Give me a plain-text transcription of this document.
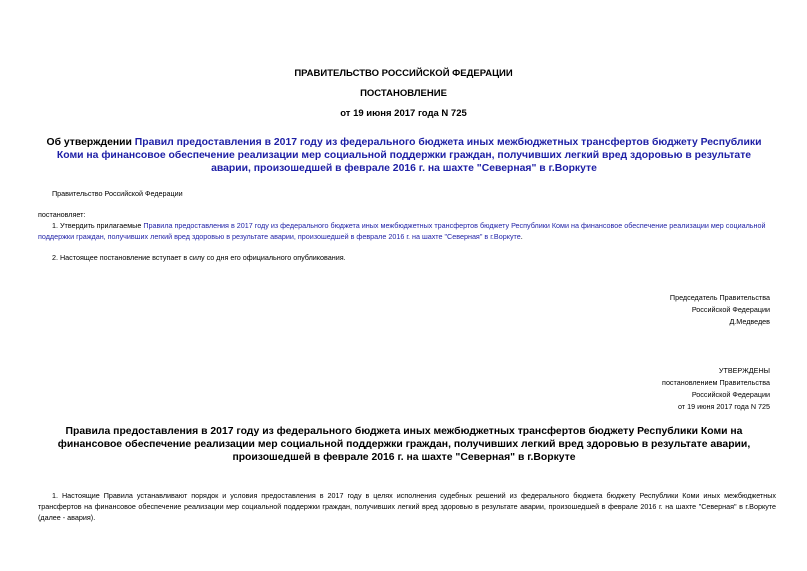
ПРАВИТЕЛЬСТВО РОССИЙСКОЙ ФЕДЕРАЦИИ
ПОСТАНОВЛЕНИЕ
от 19 июня 2017 года N 725
Об утверждении Правил предоставления в 2017 году из федерального бюджета иных межбюджетных трансфертов бюджету Республики Коми на финансовое обеспечение реализации мер социальной поддержки граждан, получивших легкий вред здоровью в результате аварии, произошедшей в феврале 2016 г. на шахте "Северная" в г.Воркуте
Правительство Российской Федерации
постановляет:
1. Утвердить прилагаемые Правила предоставления в 2017 году из федерального бюджета иных межбюджетных трансфертов бюджету Республики Коми на финансовое обеспечение реализации мер социальной поддержки граждан, получивших легкий вред здоровью в результате аварии, произошедшей в феврале 2016 г. на шахте "Северная" в г.Воркуте.
2. Настоящее постановление вступает в силу со дня его официального опубликования.
Председатель Правительства
Российской Федерации
Д.Медведев
УТВЕРЖДЕНЫ
постановлением Правительства
Российской Федерации
от 19 июня 2017 года N 725
Правила предоставления в 2017 году из федерального бюджета иных межбюджетных трансфертов бюджету Республики Коми на финансовое обеспечение реализации мер социальной поддержки граждан, получивших легкий вред здоровью в результате аварии, произошедшей в феврале 2016 г. на шахте "Северная" в г.Воркуте
1. Настоящие Правила устанавливают порядок и условия предоставления в 2017 году в целях исполнения судебных решений из федерального бюджета бюджету Республики Коми иных межбюджетных трансфертов на финансовое обеспечение реализации мер социальной поддержки граждан, получивших легкий вред здоровью в результате аварии, произошедшей в феврале 2016 г. на шахте "Северная" в г.Воркуте (далее - авария).
